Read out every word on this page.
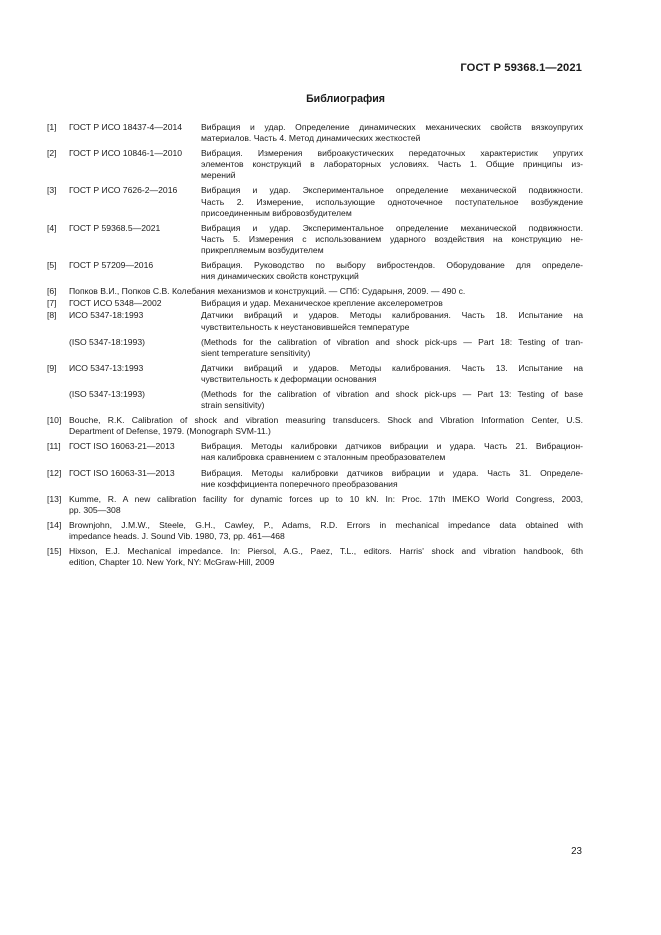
ГОСТ Р 59368.1—2021
Библиография
[1] ГОСТ Р ИСО 18437-4—2014 Вибрация и удар. Определение динамических механических свойств вязкоупругих
материалов. Часть 4. Метод динамических жесткостей
[2] ГОСТ Р ИСО 10846-1—2010 Вибрация. Измерения виброакустических передаточных характеристик упругих
элементов конструкций в лабораторных условиях. Часть 1. Общие принципы из-
мерений
[3] ГОСТ Р ИСО 7626-2—2016	Вибрация и удар. Экспериментальное определение механической подвижности.
Часть 2. Измерение, использующие одноточечное поступательное возбуждение
присоединенным вибровозбудителем
[4] ГОСТ Р 59368.5—2021	Вибрация и удар. Экспериментальное определение механической подвижности.
Часть 5. Измерения с использованием ударного воздействия на конструкцию не-
прикрепляемым возбудителем
[5] ГОСТ Р 57209—2016	Вибрация. Руководство по выбору вибростендов. Оборудование для определе-
ния динамических свойств конструкций
[6] Попков В.И., Попков С.В. Колебания механизмов и конструкций. — СПб: Сударыня, 2009. — 490 с.
[7] ГОСТ ИСО 5348—2002	Вибрация и удар. Механическое крепление акселерометров
[8] ИСО 5347-18:1993	Датчики вибраций и ударов. Методы калибрования. Часть 18. Испытание на
чувствительность к неустановившейся температуре
(ISO 5347-18:1993)	(Methods for the calibration of vibration and shock pick-ups — Part 18: Testing of tran-
sient temperature sensitivity)
[9] ИСО 5347-13:1993	Датчики вибраций и ударов. Методы калибрования. Часть 13. Испытание на
чувствительность к деформации основания
(ISO 5347-13:1993)	(Methods for the calibration of vibration and shock pick-ups — Part 13: Testing of base
strain sensitivity)
[10] Bouche, R.K. Calibration of shock and vibration measuring transducers. Shock and Vibration Information Center, U.S.
Department of Defense, 1979. (Monograph SVM-11.)
[11] ГОСТ ISO 16063-21—2013	Вибрация. Методы калибровки датчиков вибрации и удара. Часть 21. Вибрацион-
ная калибровка сравнением с эталонным преобразователем
[12] ГОСТ ISO 16063-31—2013	Вибрация. Методы калибровки датчиков вибрации и удара. Часть 31. Определе-
ние коэффициента поперечного преобразования
[13] Kumme, R. A new calibration facility for dynamic forces up to 10 kN. In: Proc. 17th IMEKO World Congress, 2003,
pp. 305—308
[14] Brownjohn, J.M.W., Steele, G.H., Cawley, P., Adams, R.D. Errors in mechanical impedance data obtained with
impedance heads. J. Sound Vib. 1980, 73, pp. 461—468
[15] Hixson, E.J. Mechanical impedance. In: Piersol, A.G., Paez, T.L., editors. Harris' shock and vibration handbook, 6th
edition, Chapter 10. New York, NY: McGraw-Hill, 2009
23
